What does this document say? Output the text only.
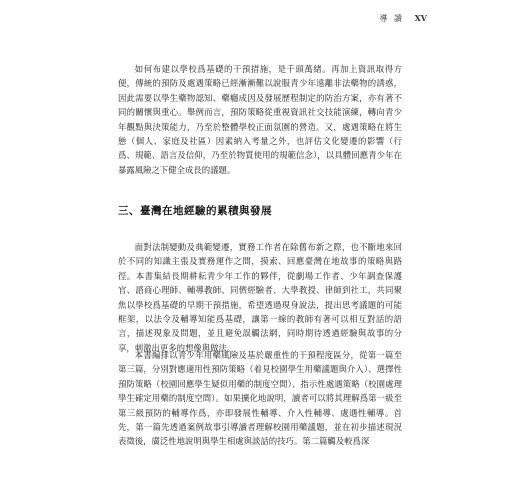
導 讀 XV

如何布建以學校爲基礎的干預措施，是千頭萬緒。再加上資訊取得方便，傳統的預防及處遇策略已經漸漸難以說服青少年遠離非法藥物的誘惑，因此需要以學生藥物認知、藥癮成因及發展歷程制定的防治方案，亦有著不同的關懷與重心。舉例而言，預防策略從重視資訊社交技能演練，轉向青少年觀點與決策能力，乃至於整體學校正面氛圍的營造。又，處遇策略在將生態（個人、家庭及社區）因素納入考量之外，也評估文化變遷的影響（行爲、規範、語言及信仰，乃至於物質使用的規範信念），以具體回應青少年在暴露風險之下健全成長的議題。

三、臺灣在地經驗的累積與發展

面對法制變動及典範變遷，實務工作者在除舊布新之際，也不斷地來回於不同的知識主張及實務運作之間，摸索、回應臺灣在地故事的策略與路徑。本書集結長期耕耘青少年工作的夥伴，從劇場工作者、少年調查保護官、諮商心理師、輔導教師、同儕經驗者、大學教授、律師到社工，共同聚焦以學校爲基礎的早期干預措施，希望透過現身說法，提出思考議題的可能框架，以法令及輔導知能爲基礎，讓第一線的教師有著可以相互對話的語言，描述現象及問題，並且避免誤觸法網，同時期待透過經驗與故事的分享，刺激出更多的想像與做法。

本書編排以青少年用藥風險及基於嚴重性的干預程度區分，從第一篇至第三篇，分別對應適用性預防策略（着見校園學生用藥議題與介入）、選擇性預防策略（校園回應學生疑似用藥的制度空間）、指示性處遇策略（校園處理學生確定用藥的制度空間）。如果擴化地說明，讀者可以將其理解爲第一級至第三級預防的輔導作爲，亦即發展性輔導、介入性輔導、處遇性輔導。首先，第一篇先透過案例故事引導讀者理解校園用藥議題，並在初步描述現況表徵後，廣泛性地說明與學生相處與談話的技巧。第二篇觸及較爲深
